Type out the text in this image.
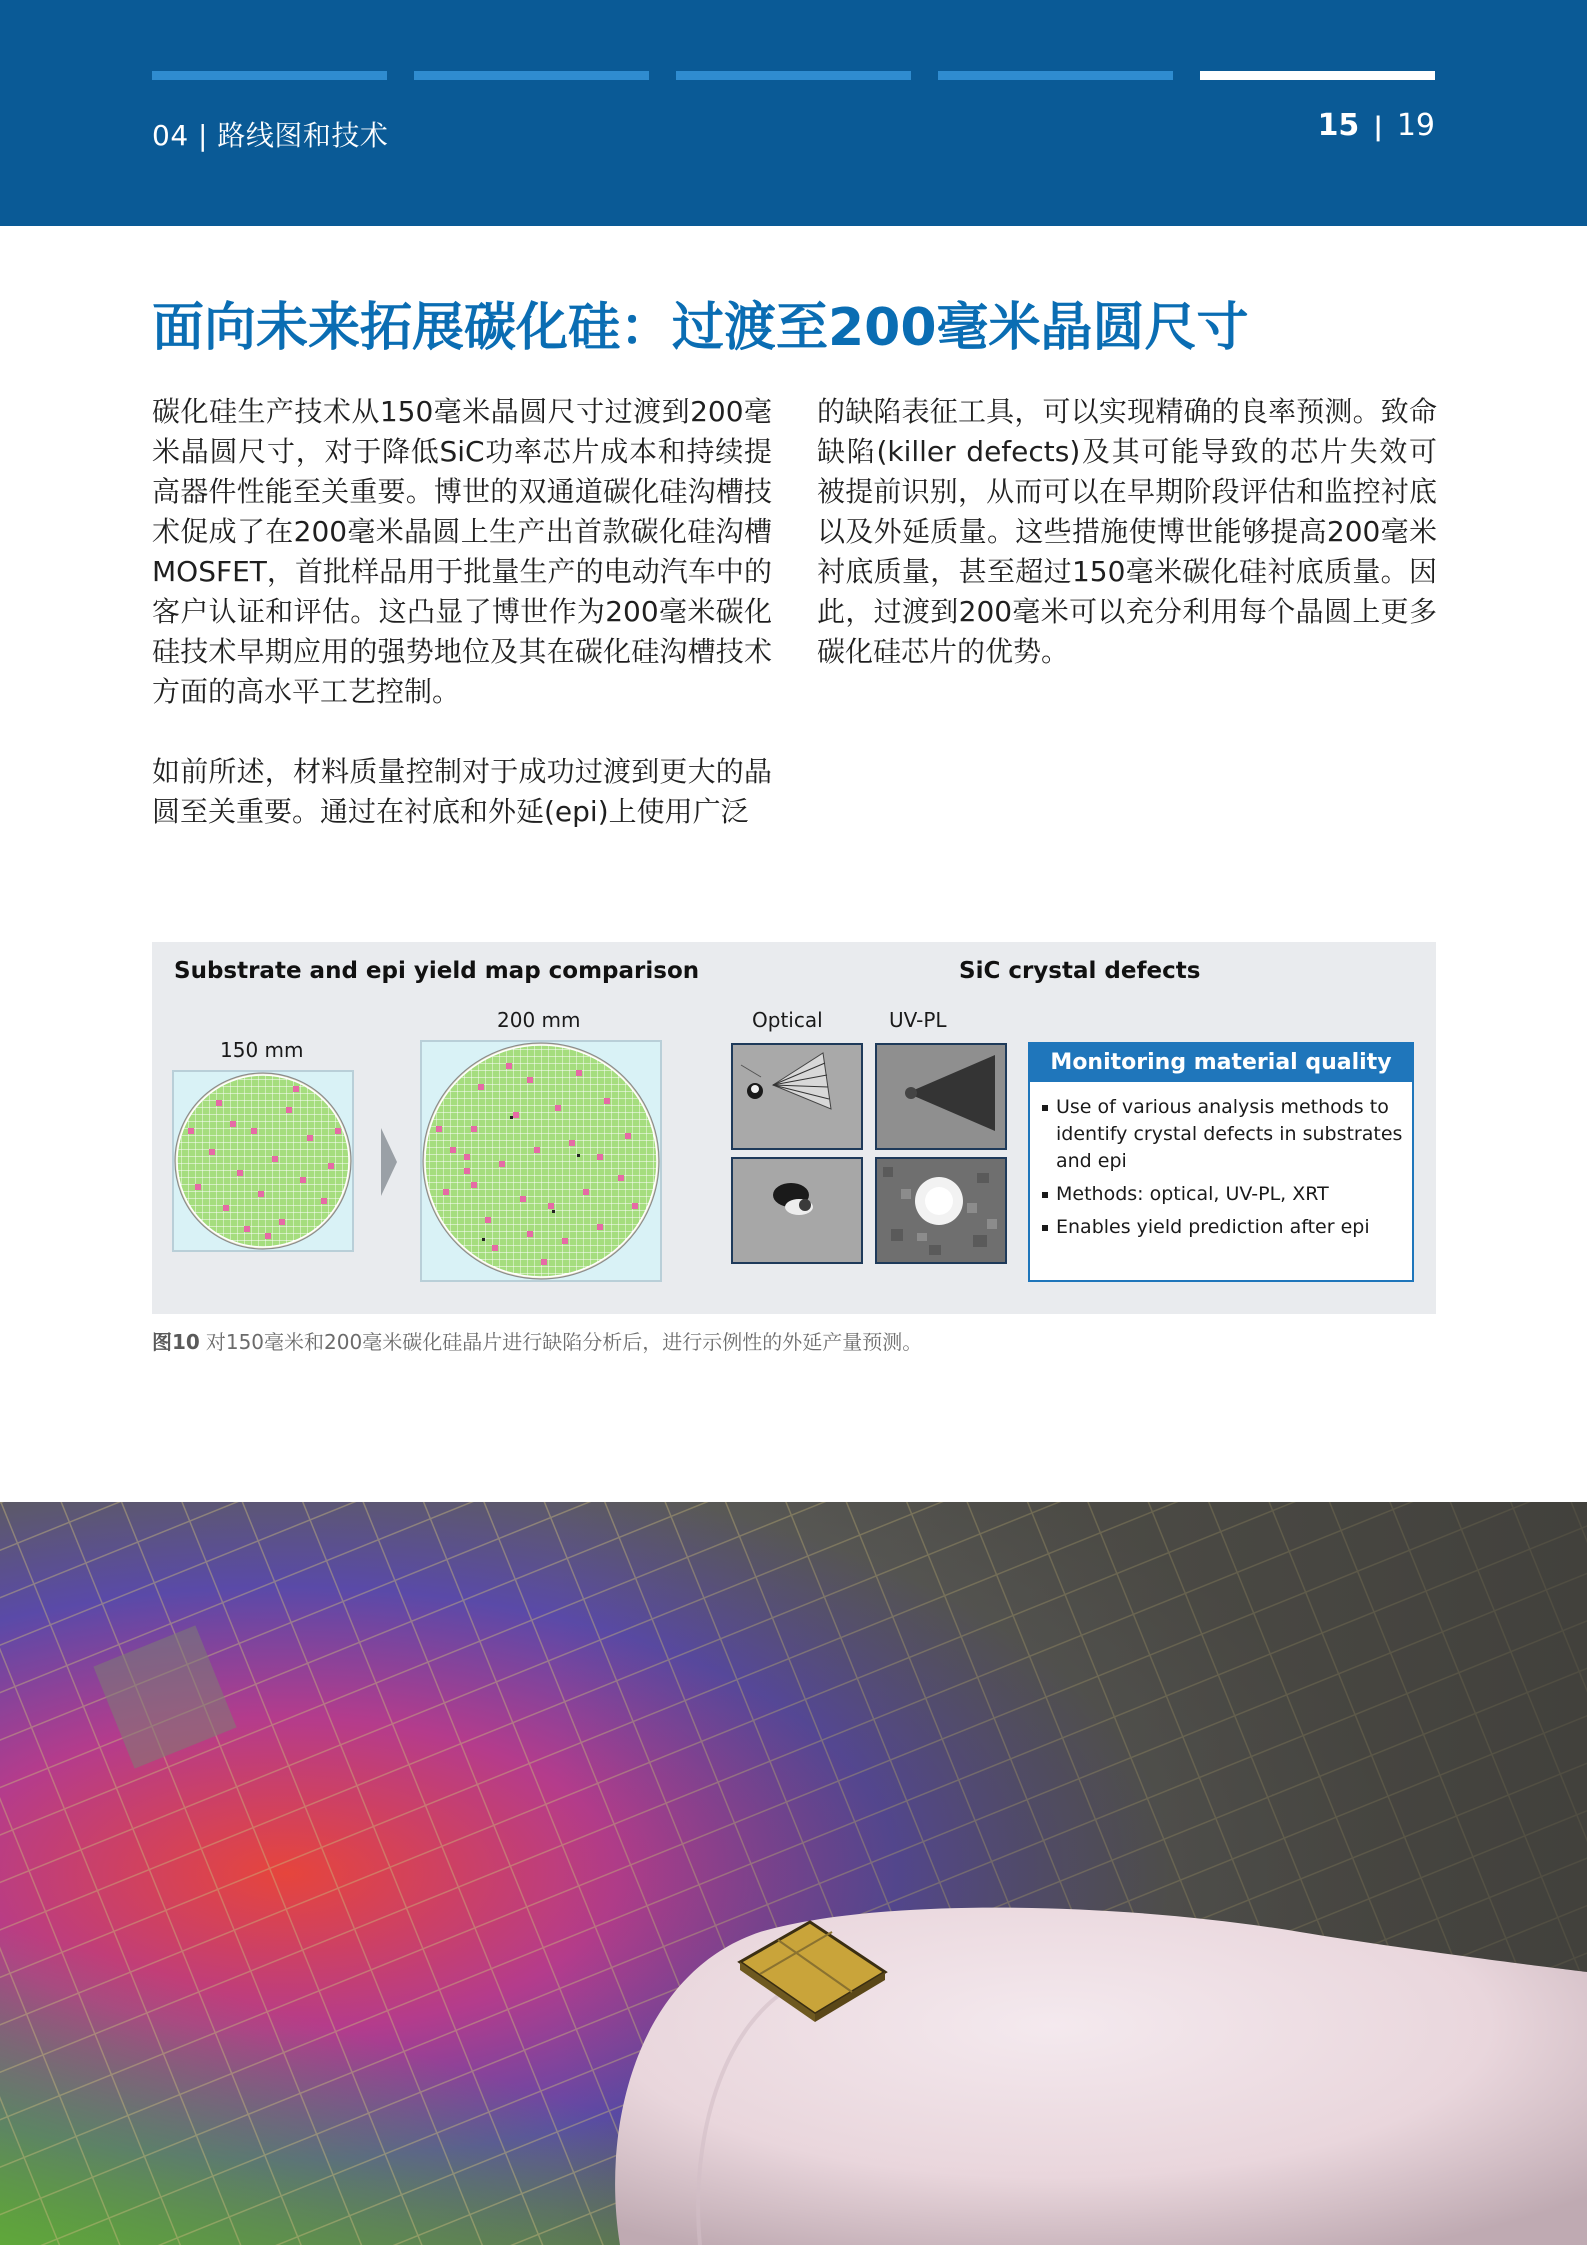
04 | 路线图和技术	15 | 19
面向未来拓展碳化硅：过渡至200毫米晶圆尺寸

碳化硅生产技术从150毫米晶圆尺寸过渡到200毫米晶圆尺寸，对于降低SiC功率芯片成本和持续提高器件性能至关重要。博世的双通道碳化硅沟槽技术促成了在200毫米晶圆上生产出首款碳化硅沟槽MOSFET，首批样品用于批量生产的电动汽车中的客户认证和评估。这凸显了博世作为200毫米碳化硅技术早期应用的强势地位及其在碳化硅沟槽技术方面的高水平工艺控制。

如前所述，材料质量控制对于成功过渡到更大的晶圆至关重要。通过在衬底和外延(epi)上使用广泛

的缺陷表征工具，可以实现精确的良率预测。致命缺陷(killer defects)及其可能导致的芯片失效可被提前识别，从而可以在早期阶段评估和监控衬底以及外延质量。这些措施使博世能够提高200毫米衬底质量，甚至超过150毫米碳化硅衬底质量。因此，过渡到200毫米可以充分利用每个晶圆上更多碳化硅芯片的优势。

Substrate and epi yield map comparison	SiC crystal defects
150 mm
200 mm	Optical	UV-PL
Monitoring material quality
Use of various analysis methods to identify crystal defects in substrates and epi
Methods: optical, UV-PL, XRT
Enables yield prediction after epi
图10 对150毫米和200毫米碳化硅晶片进行缺陷分析后，进行示例性的外延产量预测。
